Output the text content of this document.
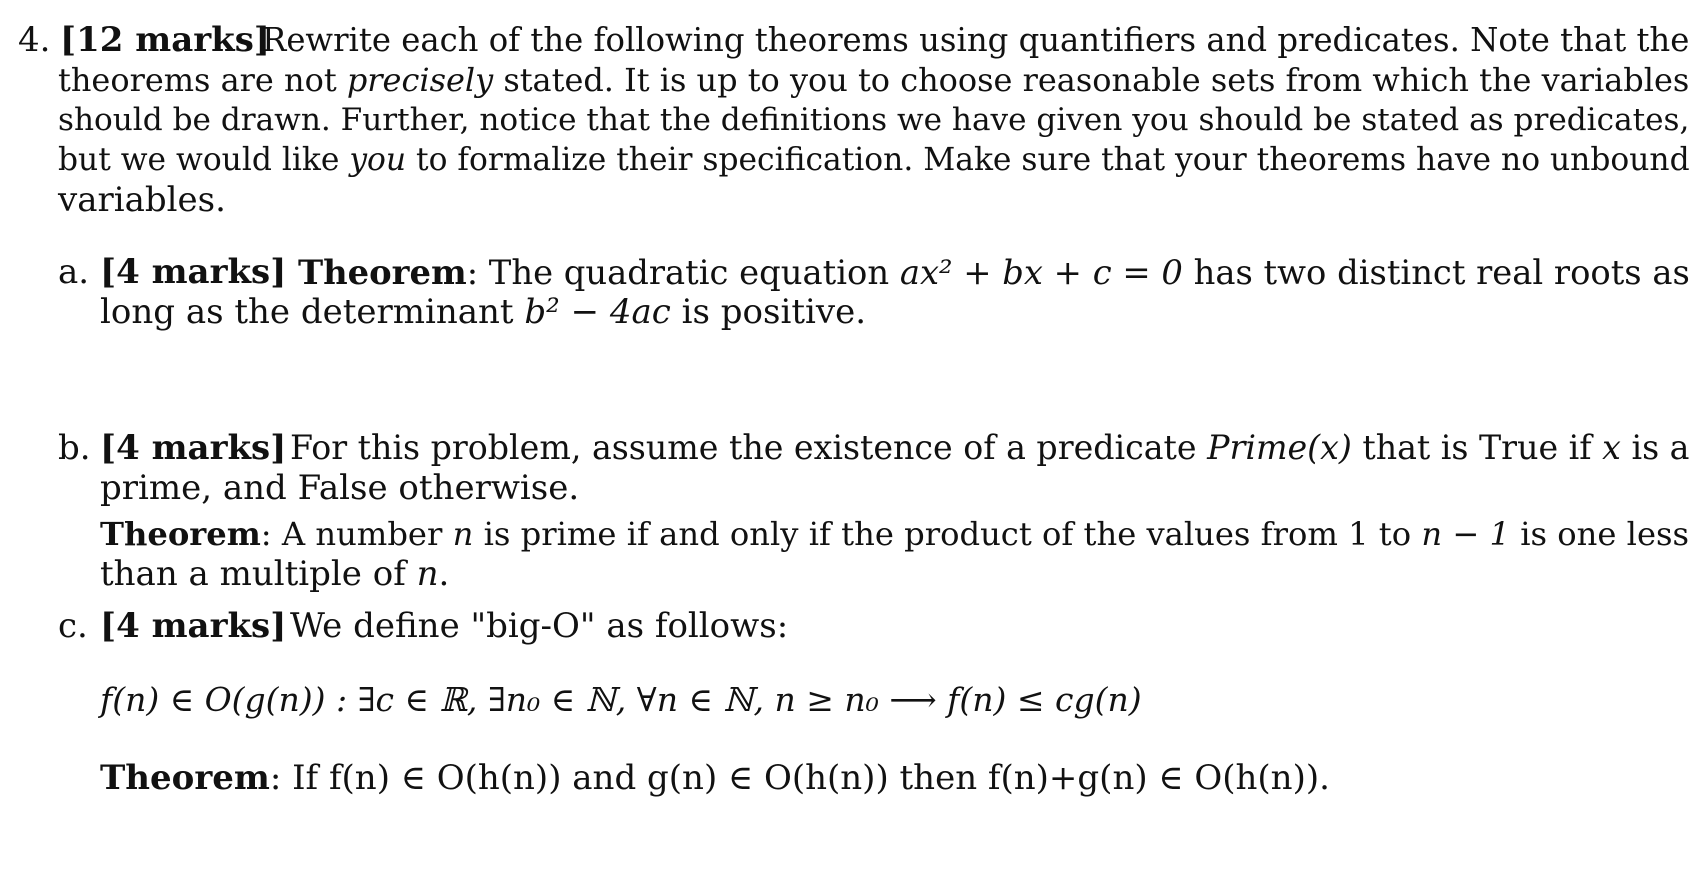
4. [12 marks]
Rewrite each of the following theorems using quantifiers and predicates. Note that the
theorems are not precisely stated. It is up to you to choose reasonable sets from which the variables
should be drawn. Further, notice that the definitions we have given you should be stated as predicates,
but we would like you to formalize their specification. Make sure that your theorems have no unbound
variables.
a. [4 marks] Theorem: The quadratic equation ax² + bx + c = 0 has two distinct real roots as
long as the determinant b² − 4ac is positive.
b. [4 marks] For this problem, assume the existence of a predicate Prime(x) that is True if x is a
prime, and False otherwise.
Theorem: A number n is prime if and only if the product of the values from 1 to n − 1 is one less
than a multiple of n.
c. [4 marks] We define "big-O" as follows:
f(n) ∈ O(g(n)) : ∃c ∈ ℝ, ∃n₀ ∈ ℕ, ∀n ∈ ℕ, n ≥ n₀ ⟶ f(n) ≤ cg(n)
Theorem: If f(n) ∈ O(h(n)) and g(n) ∈ O(h(n)) then f(n)+g(n) ∈ O(h(n)).
